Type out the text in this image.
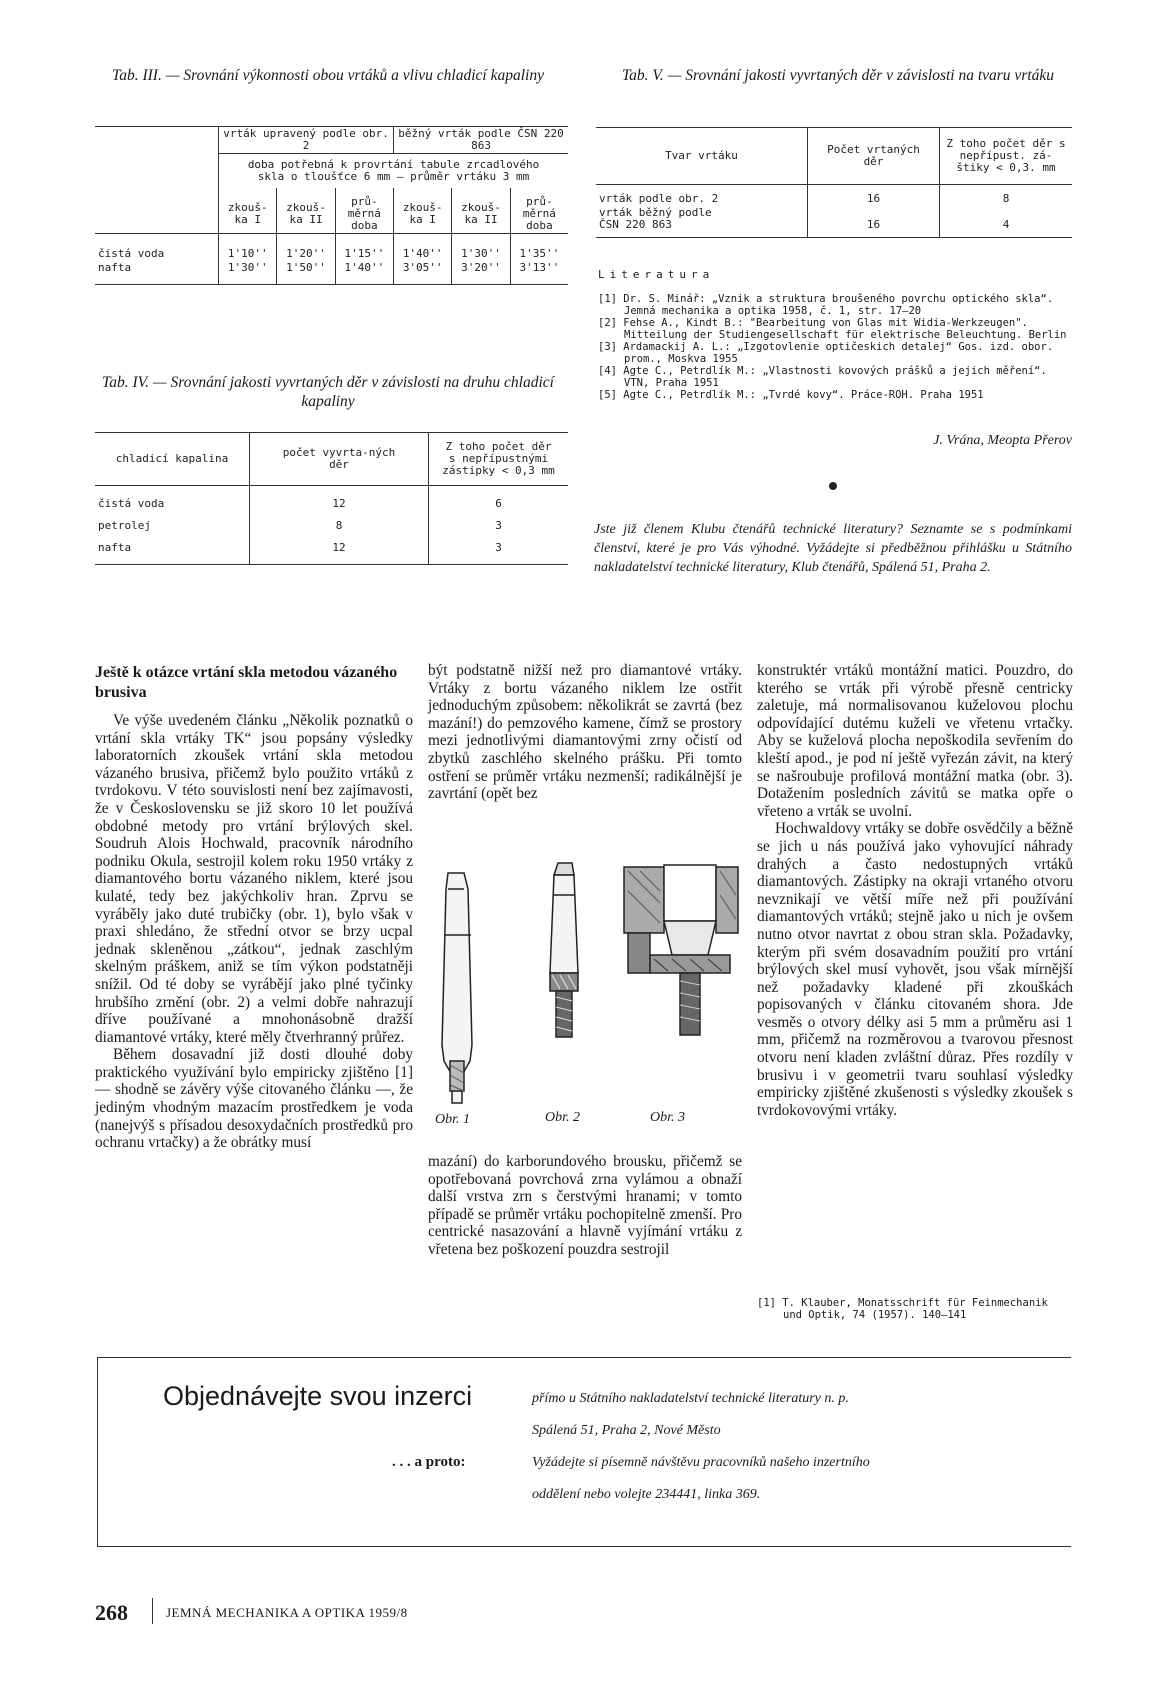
Tab. III. — Srovnání výkonnosti obou vrtáků a vlivu chladicí kapaliny
	vrták upravený podle obr. 2			běžný vrták podle ČSN 220 863		
	doba potřebná k provrtání tabule zrcadlového skla o tloušťce 6 mm — průměr vrtáku 3 mm					
	zkouš-ka I	zkouš-ka II	prů-měrná doba	zkouš-ka I	zkouš-ka II	prů-měrná doba
čistá voda	1'10''	1'20''	1'15''	1'40''	1'30''	1'35''
nafta	1'30''	1'50''	1'40''	3'05''	3'20''	3'13''
Tab. IV. — Srovnání jakosti vyvrtaných děr v závislosti na druhu chladicí kapaliny
chladicí kapalina	počet vyvrta-ných děr	Z toho počet děr s nepřípustnými zástipky < 0,3 mm
čistá voda	12	6
petrolej	8	3
nafta	12	3
Tab. V. — Srovnání jakosti vyvrtaných děr v závislosti na tvaru vrtáku
Tvar vrtáku	Počet vrtaných děr	Z toho počet děr s nepřípust. zá-štiky < 0,3. mm
vrták podle obr. 2	16	8
vrták běžný podle ČSN 220 863	16	4
Literatura
[1] Dr. S. Minář: „Vznik a struktura broušeného povrchu optického skla“. Jemná mechanika a optika 1958, č. 1, str. 17—20
[2] Fehse A., Kindt B.: "Bearbeitung von Glas mit Widia-Werkzeugen". Mitteilung der Studiengesellschaft für elektrische Beleuchtung. Berlin
[3] Ardamackij A. L.: „Izgotovlenie optičeskich detalej“ Gos. izd. obor. prom., Moskva 1955
[4] Agte C., Petrdlík M.: „Vlastnosti kovových prášků a jejich měření“. VTN, Praha 1951
[5] Agte C., Petrdlík M.: „Tvrdé kovy“. Práce-ROH. Praha 1951
J. Vrána, Meopta Přerov
Jste již členem Klubu čtenářů technické literatury? Seznamte se s podmínkami členství, které je pro Vás výhodné. Vyžádejte si předběžnou přihlášku u Státního nakladatelství technické literatury, Klub čtenářů, Spálená 51, Praha 2.
Ještě k otázce vrtání skla metodou vázaného brusiva

Ve výše uvedeném článku „Několik poznatků o vrtání skla vrtáky TK“ jsou popsány výsledky laboratorních zkoušek vrtání skla metodou vázaného brusiva, přičemž bylo použito vrtáků z tvrdokovu. V této souvislosti není bez zajímavosti, že v Československu se již skoro 10 let používá obdobné metody pro vrtání brýlových skel. Soudruh Alois Hochwald, pracovník národního podniku Okula, sestrojil kolem roku 1950 vrtáky z diamantového bortu vázaného niklem, které jsou kulaté, tedy bez jakýchkoliv hran. Zprvu se vyráběly jako duté trubičky (obr. 1), bylo však v praxi shledáno, že střední otvor se brzy ucpal jednak skleněnou „zátkou“, jednak zaschlým skelným práškem, aniž se tím výkon podstatněji snížil. Od té doby se vyrábějí jako plné tyčinky hrubšího zrnění (obr. 2) a velmi dobře nahrazují dříve používané a mnohonásobně dražší diamantové vrtáky, které měly čtverhranný průřez.

Během dosavadní již dosti dlouhé doby praktického využívání bylo empiricky zjištěno [1] — shodně se závěry výše citovaného článku —, že jediným vhodným mazacím prostředkem je voda (nanejvýš s přísadou desoxydačních prostředků pro ochranu vrtačky) a že obrátky musí

být podstatně nižší než pro diamantové vrtáky. Vrtáky z bortu vázaného niklem lze ostřit jednoduchým způsobem: několikrát se zavrtá (bez mazání!) do pemzového kamene, čímž se prostory mezi jednotlivými diamantovými zrny očistí od zbytků zaschlého skelného prášku. Při tomto ostření se průměr vrtáku nezmenší; radikálnější je zavrtání (opět bez
Obr. 1	Obr. 2	Obr. 3
mazání) do karborundového brousku, přičemž se opotřebovaná povrchová zrna vylámou a obnaží další vrstva zrn s čerstvými hranami; v tomto případě se průměr vrtáku pochopitelně zmenší. Pro centrické nasazování a hlavně vyjímání vrtáku z vřetena bez poškození pouzdra sestrojil

konstruktér vrtáků montážní matici. Pouzdro, do kterého se vrták při výrobě přesně centricky zaletuje, má normalisovanou kuželovou plochu odpovídající dutému kuželi ve vřetenu vrtačky. Aby se kuželová plocha nepoškodila sevřením do kleští apod., je pod ní ještě vyřezán závit, na který se našroubuje profilová montážní matka (obr. 3). Dotažením posledních závitů se matka opře o vřeteno a vrták se uvolní.

Hochwaldovy vrtáky se dobře osvědčily a běžně se jich u nás používá jako vyhovující náhrady drahých a často nedostupných vrtáků diamantových. Zástipky na okraji vrtaného otvoru nevznikají ve větší míře než při používání diamantových vrtáků; stejně jako u nich je ovšem nutno otvor navrtat z obou stran skla. Požadavky, kterým při svém dosavadním použití pro vrtání brýlových skel musí vyhovět, jsou však mírnější než požadavky kladené při zkouškách popisovaných v článku citovaném shora. Jde vesměs o otvory délky asi 5 mm a průměru asi 1 mm, přičemž na rozměrovou a tvarovou přesnost otvoru není kladen zvláštní důraz. Přes rozdíly v brusivu i v geometrii tvaru souhlasí výsledky empiricky zjištěné zkušenosti s výsledky zkoušek s tvrdokovovými vrtáky.

[1] T. Klauber, Monatsschrift für Feinmechanik und Optik, 74 (1957). 140—141
Objednávejte svou inzerci	přímo u Státního nakladatelství technické literatury n. p.
Spálená 51, Praha 2, Nové Město
. . . a proto:	Vyžádejte si písemně návštěvu pracovníků našeho inzertního
oddělení nebo volejte 234441, linka 369.
268	JEMNÁ MECHANIKA A OPTIKA 1959/8
